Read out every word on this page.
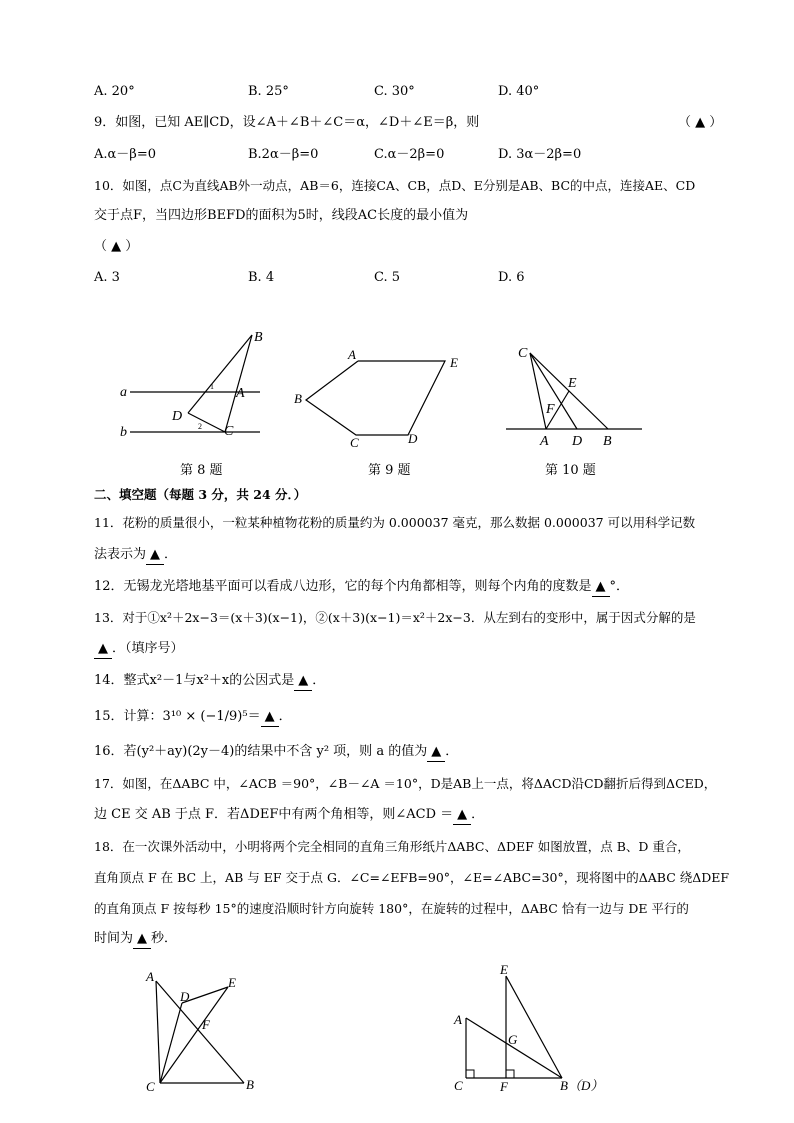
A. 20°	B. 25°	C. 30°	D. 40°
9．如图，已知 AE∥CD，设∠A＋∠B＋∠C＝α，∠D＋∠E＝β，则	（ ▲ ）
A.α－β=0	B.2α－β=0	C.α－2β=0	D. 3α－2β=0
10．如图，点C为直线AB外一动点，AB＝6，连接CA、CB，点D、E分别是AB、BC的中点，连接AE、CD
交于点F，当四边形BEFD的面积为5时，线段AC长度的最小值为
（ ▲ ）
A. 3	B. 4	C. 5	D. 6
B
A
a
D
b	C
1
2
第 8 题
A
E
B
C	D
第 9 题
C
E
F
A D B
第 10 题
二、填空题（每题 3 分，共 24 分．）
11．花粉的质量很小，一粒某种植物花粉的质量约为 0.000037 毫克，那么数据 0.000037 可以用科学记数
法表示为 ▲ ．
12．无锡龙光塔地基平面可以看成八边形，它的每个内角都相等，则每个内角的度数是 ▲ °．
13．对于①x²＋2x−3＝(x＋3)(x−1)，②(x＋3)(x−1)＝x²＋2x−3．从左到右的变形中，属于因式分解的是
▲ ．（填序号）
14．整式x²－1与x²＋x的公因式是 ▲ ．
15．计算：3¹⁰ × (−1/9)⁵＝ ▲ ．
16．若(y²＋ay)(2y－4)的结果中不含 y² 项，则 a 的值为 ▲ ．
17．如图，在ΔABC 中，∠ACB ＝90°，∠B－∠A ＝10°，D是AB上一点，将ΔACD沿CD翻折后得到ΔCED，
边 CE 交 AB 于点 F．若ΔDEF中有两个角相等，则∠ACD ＝ ▲ ．
18．在一次课外活动中，小明将两个完全相同的直角三角形纸片ΔABC、ΔDEF 如图放置，点 B、D 重合，
直角顶点 F 在 BC 上，AB 与 EF 交于点 G．∠C=∠EFB=90°，∠E=∠ABC=30°，现将图中的ΔABC 绕ΔDEF
的直角顶点 F 按每秒 15°的速度沿顺时针方向旋转 180°，在旋转的过程中，ΔABC 恰有一边与 DE 平行的
时间为 ▲ 秒．
A
D
E
F
C	B
E
A
G
C	F	B（D）
